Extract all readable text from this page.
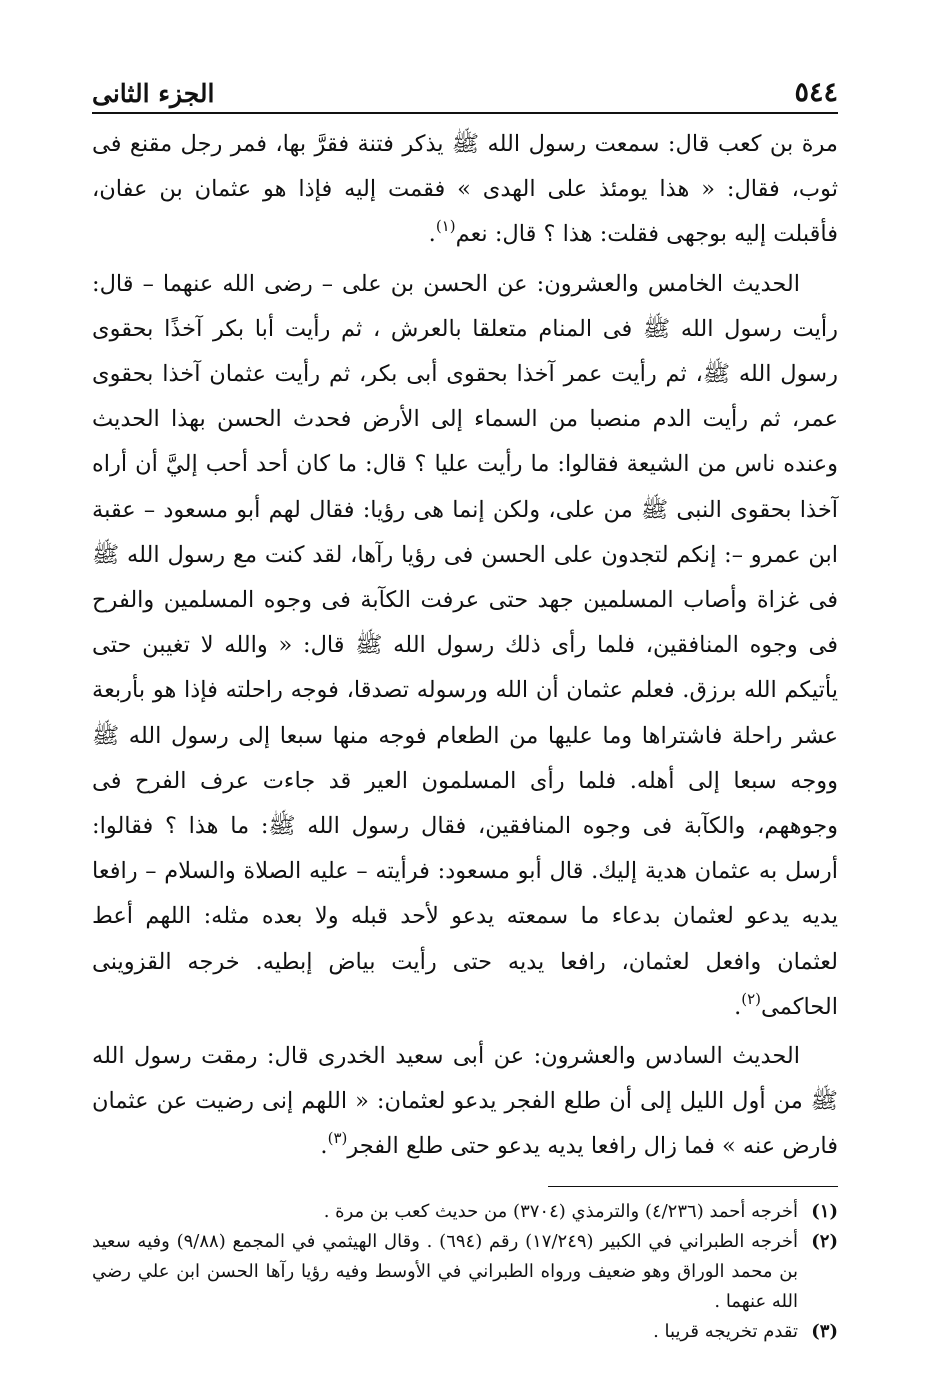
٥٤٤
الجزء الثانى

مرة بن كعب قال: سمعت رسول الله ﷺ يذكر فتنة فقرَّ بها، فمر رجل مقنع فى ثوب، فقال: « هذا يومئذ على الهدى » فقمت إليه فإذا هو عثمان بن عفان، فأقبلت إليه بوجهى فقلت: هذا ؟ قال: نعم$^{(١)}$.

الحديث الخامس والعشرون: عن الحسن بن على – رضى الله عنهما – قال: رأيت رسول الله ﷺ فى المنام متعلقا بالعرش ، ثم رأيت أبا بكر آخذًا بحقوى رسول الله ﷺ، ثم رأيت عمر آخذا بحقوى أبى بكر، ثم رأيت عثمان آخذا بحقوى عمر، ثم رأيت الدم منصبا من السماء إلى الأرض فحدث الحسن بهذا الحديث وعنده ناس من الشيعة فقالوا: ما رأيت عليا ؟ قال: ما كان أحد أحب إليَّ أن أراه آخذا بحقوى النبى ﷺ من على، ولكن إنما هى رؤيا: فقال لهم أبو مسعود – عقبة ابن عمرو –: إنكم لتجدون على الحسن فى رؤيا رآها، لقد كنت مع رسول الله ﷺ فى غزاة وأصاب المسلمين جهد حتى عرفت الكآبة فى وجوه المسلمين والفرح فى وجوه المنافقين، فلما رأى ذلك رسول الله ﷺ قال: « والله لا تغيبن حتى يأتيكم الله برزق. فعلم عثمان أن الله ورسوله تصدقا، فوجه راحلته فإذا هو بأربعة عشر راحلة فاشتراها وما عليها من الطعام فوجه منها سبعا إلى رسول الله ﷺ ووجه سبعا إلى أهله. فلما رأى المسلمون العير قد جاءت عرف الفرح فى وجوههم، والكآبة فى وجوه المنافقين، فقال رسول الله ﷺ: ما هذا ؟ فقالوا: أرسل به عثمان هدية إليك. قال أبو مسعود: فرأيته – عليه الصلاة والسلام – رافعا يديه يدعو لعثمان بدعاء ما سمعته يدعو لأحد قبله ولا بعده مثله: اللهم أعط لعثمان وافعل لعثمان، رافعا يديه حتى رأيت بياض إبطيه. خرجه القزوينى الحاكمى$^{(٢)}$.

الحديث السادس والعشرون: عن أبى سعيد الخدرى قال: رمقت رسول الله ﷺ من أول الليل إلى أن طلع الفجر يدعو لعثمان: « اللهم إنى رضيت عن عثمان فارض عنه » فما زال رافعا يديه يدعو حتى طلع الفجر$^{(٣)}$.

(١)
أخرجه أحمد (٤/٢٣٦) والترمذي (٣٧٠٤) من حديث كعب بن مرة .
(٢)
أخرجه الطبراني في الكبير (١٧/٢٤٩) رقم (٦٩٤) . وقال الهيثمي في المجمع (٩/٨٨) وفيه سعيد بن محمد الوراق وهو ضعيف ورواه الطبراني في الأوسط وفيه رؤيا رآها الحسن ابن علي رضي الله عنهما .
(٣)
تقدم تخريجه قريبا .
